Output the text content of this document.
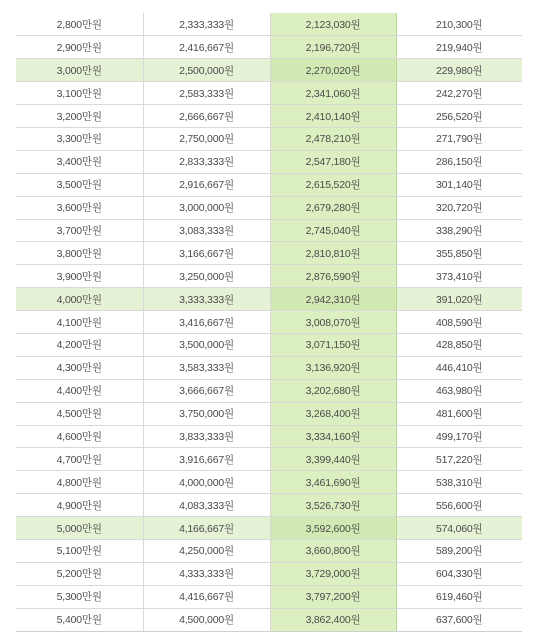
2,800만원	2,333,333원	2,123,030원	210,300원
2,900만원	2,416,667원	2,196,720원	219,940원
3,000만원	2,500,000원	2,270,020원	229,980원
3,100만원	2,583,333원	2,341,060원	242,270원
3,200만원	2,666,667원	2,410,140원	256,520원
3,300만원	2,750,000원	2,478,210원	271,790원
3,400만원	2,833,333원	2,547,180원	286,150원
3,500만원	2,916,667원	2,615,520원	301,140원
3,600만원	3,000,000원	2,679,280원	320,720원
3,700만원	3,083,333원	2,745,040원	338,290원
3,800만원	3,166,667원	2,810,810원	355,850원
3,900만원	3,250,000원	2,876,590원	373,410원
4,000만원	3,333,333원	2,942,310원	391,020원
4,100만원	3,416,667원	3,008,070원	408,590원
4,200만원	3,500,000원	3,071,150원	428,850원
4,300만원	3,583,333원	3,136,920원	446,410원
4,400만원	3,666,667원	3,202,680원	463,980원
4,500만원	3,750,000원	3,268,400원	481,600원
4,600만원	3,833,333원	3,334,160원	499,170원
4,700만원	3,916,667원	3,399,440원	517,220원
4,800만원	4,000,000원	3,461,690원	538,310원
4,900만원	4,083,333원	3,526,730원	556,600원
5,000만원	4,166,667원	3,592,600원	574,060원
5,100만원	4,250,000원	3,660,800원	589,200원
5,200만원	4,333,333원	3,729,000원	604,330원
5,300만원	4,416,667원	3,797,200원	619,460원
5,400만원	4,500,000원	3,862,400원	637,600원
